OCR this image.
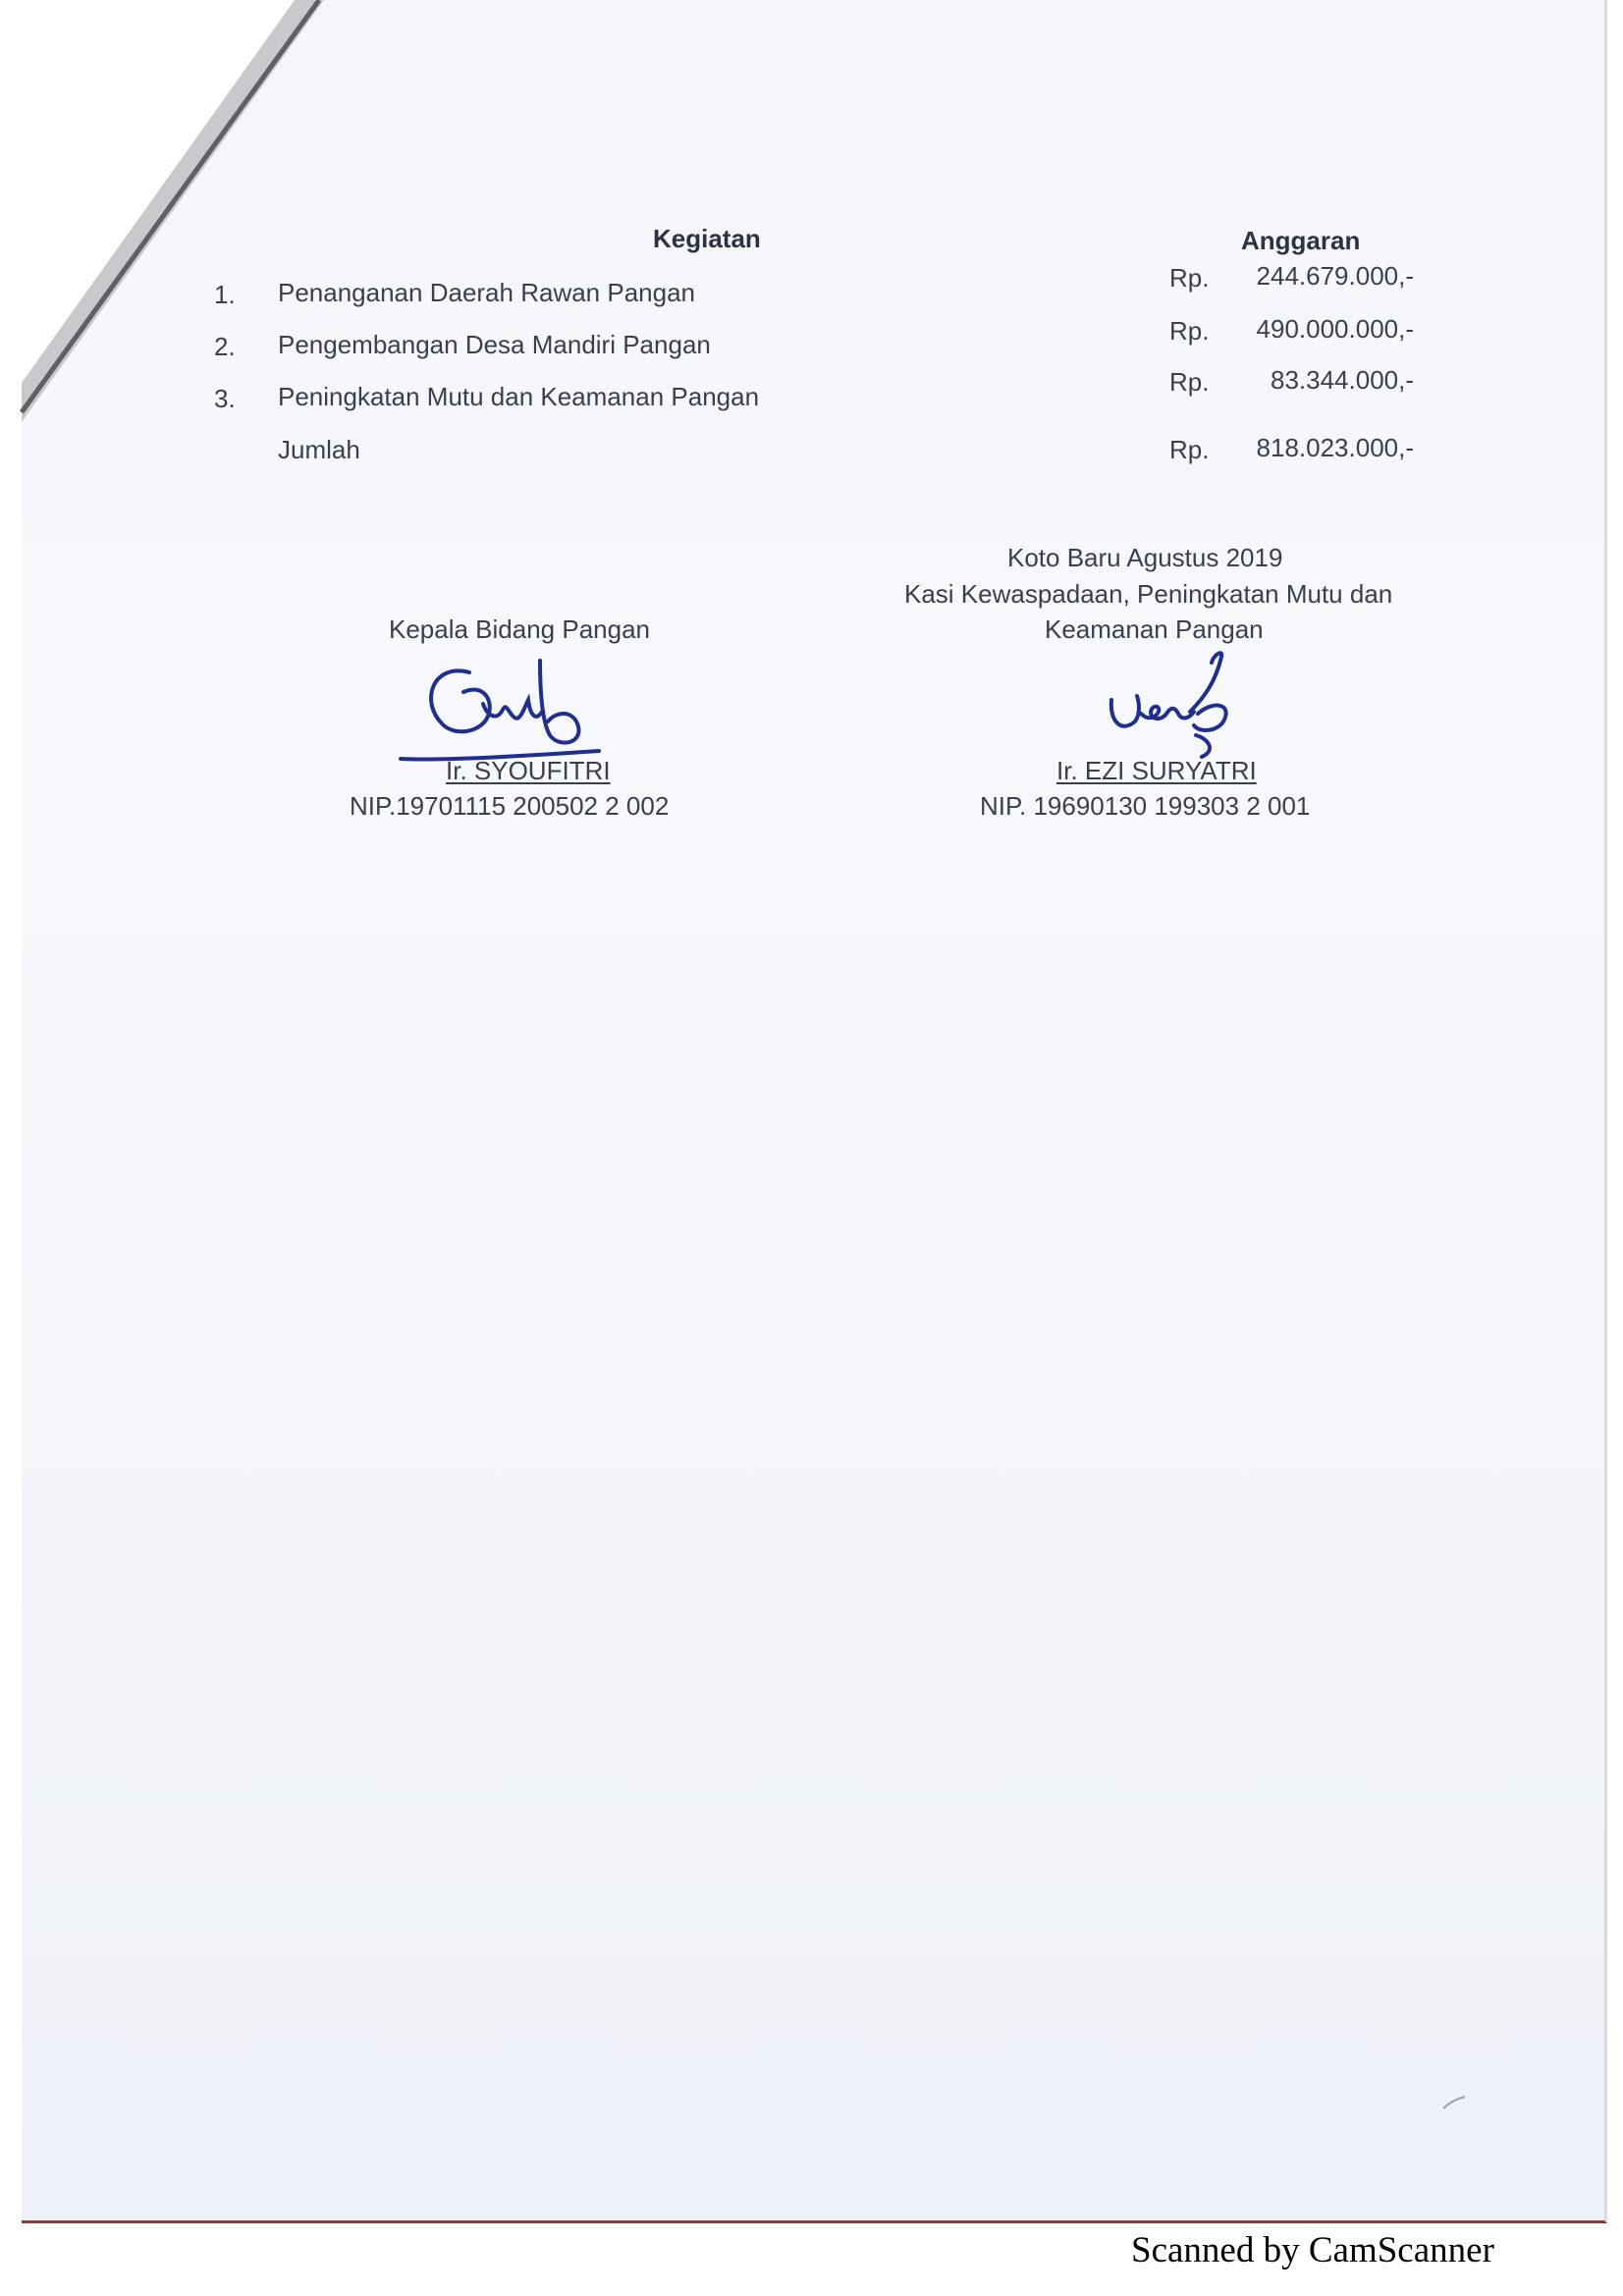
Kegiatan	Anggaran
1. Penanganan Daerah Rawan Pangan	Rp.	244.679.000,-
2. Pengembangan Desa Mandiri Pangan	Rp.	490.000.000,-
3. Peningkatan Mutu dan Keamanan Pangan	Rp.	83.344.000,-
Jumlah	Rp.	818.023.000,-
Koto Baru Agustus 2019
Kasi Kewaspadaan, Peningkatan Mutu dan
Keamanan Pangan
Kepala Bidang Pangan
Ir. SYOUFITRI	Ir. EZI SURYATRI
NIP.19701115 200502 2 002	NIP. 19690130 199303 2 001
Scanned by CamScanner
